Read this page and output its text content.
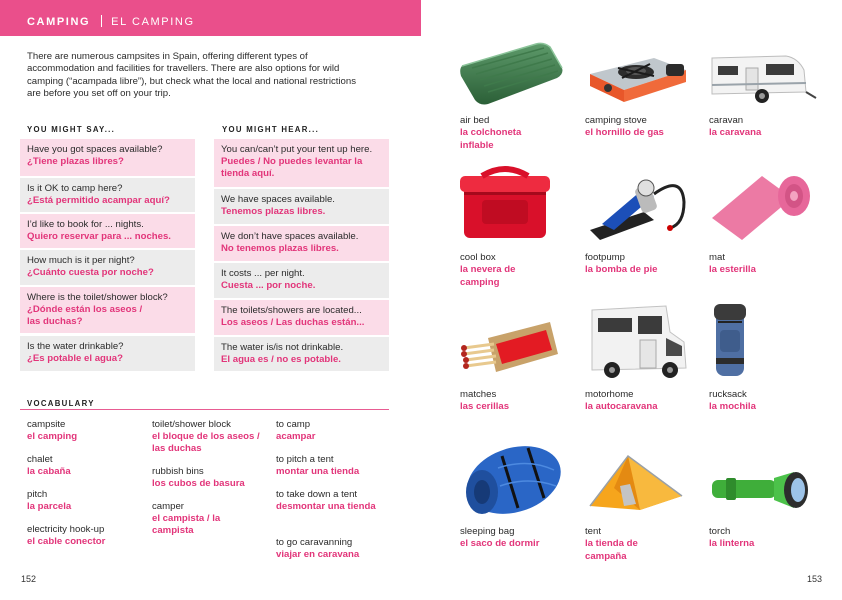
CAMPING EL CAMPING

There are numerous campsites in Spain, offering different types of accommodation and facilities for travellers. There are also options for wild camping (“acampada libre”), but check what the local and national restrictions are before you set off on your trip.

YOU MIGHT SAY...	YOU MIGHT HEAR...
Have you got spaces available?
¿Tiene plazas libres?
Is it OK to camp here?
¿Está permitido acampar aquí?
I’d like to book for ... nights.
Quiero reservar para ... noches.
How much is it per night?
¿Cuánto cuesta por noche?
Where is the toilet/shower block?
¿Dónde están los aseos / las duchas?
Is the water drinkable?
¿Es potable el agua?
You can/can’t put your tent up here.
Puedes / No puedes levantar la tienda aquí.
We have spaces available.
Tenemos plazas libres.
We don’t have spaces available.
No tenemos plazas libres.
It costs ... per night.
Cuesta ... por noche.
The toilets/showers are located...
Los aseos / Las duchas están...
The water is/is not drinkable.
El agua es / no es potable.
VOCABULARY
campsite
el camping
chalet
la cabaña
pitch
la parcela
electricity hook-up
el cable conector
toilet/shower block
el bloque de los aseos / las duchas
rubbish bins
los cubos de basura
camper
el campista / la campista
to camp
acampar
to pitch a tent
montar una tienda
to take down a tent
desmontar una tienda
to go caravanning
viajar en caravana
152
air bed
la colchoneta inflable
camping stove
el hornillo de gas
caravan
la caravana
cool box
la nevera de camping
footpump
la bomba de pie
mat
la esterilla
matches
las cerillas
motorhome
la autocaravana
rucksack
la mochila
sleeping bag
el saco de dormir
tent
la tienda de campaña
torch
la linterna
153
